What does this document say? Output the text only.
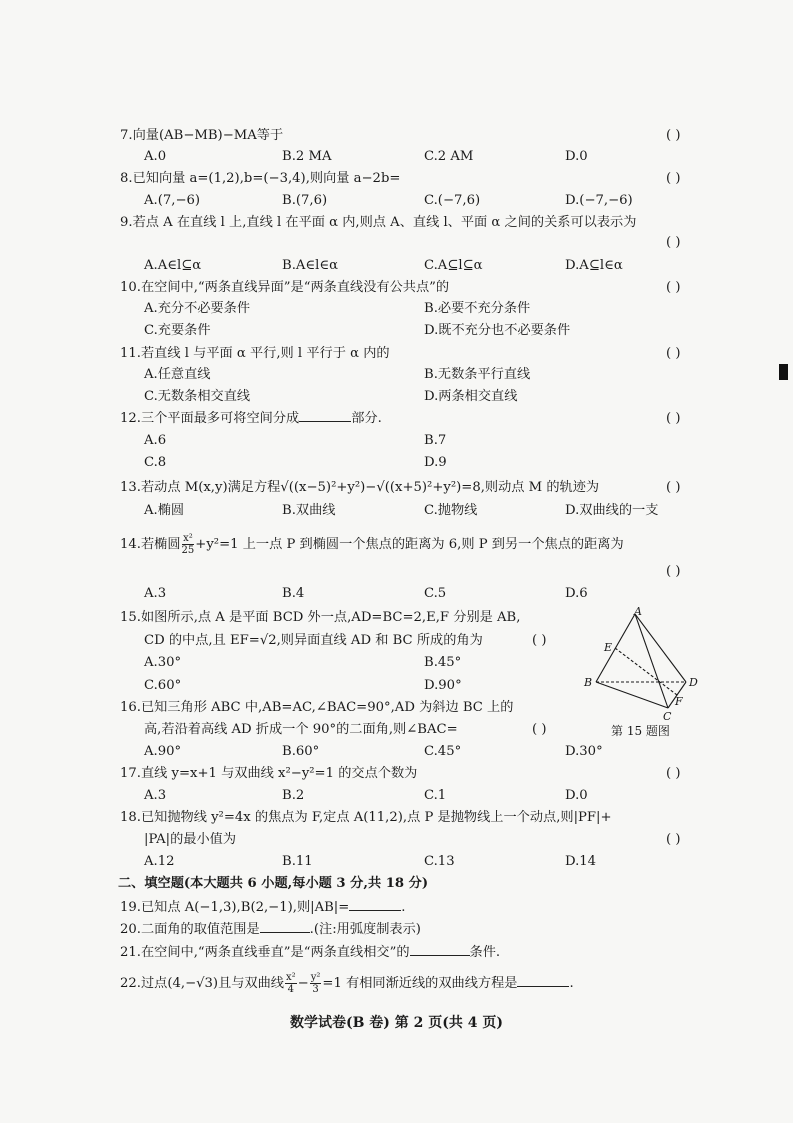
7.向量(AB−MB)−MA等于	( )
A.0	B.2 MA	C.2 AM	D.0
8.已知向量 a=(1,2),b=(−3,4),则向量 a−2b=	( )
A.(7,−6)	B.(7,6)	C.(−7,6)	D.(−7,−6)
9.若点 A 在直线 l 上,直线 l 在平面 α 内,则点 A、直线 l、平面 α 之间的关系可以表示为
( )
A.A∈l⊆α	B.A∈l∈α	C.A⊆l⊆α	D.A⊆l∈α
10.在空间中,“两条直线异面”是“两条直线没有公共点”的	( )
A.充分不必要条件	B.必要不充分条件
C.充要条件	D.既不充分也不必要条件
11.若直线 l 与平面 α 平行,则 l 平行于 α 内的	( )
A.任意直线	B.无数条平行直线
C.无数条相交直线	D.两条相交直线
12.三个平面最多可将空间分成	部分.	( )
A.6	B.7
C.8	D.9
13.若动点 M(x,y)满足方程√((x−5)²+y²)−√((x+5)²+y²)=8,则动点 M 的轨迹为	( )
A.椭圆	B.双曲线	C.抛物线	D.双曲线的一支
14.若椭圆 $\frac{\text{x²}}{25} +y^2=1$ 上一点 P 到椭圆一个焦点的距离为 6,则 P 到另一个焦点的距离为
( )
A.3	B.4	C.5	D.6
15.如图所示,点 A 是平面 BCD 外一点,AD=BC=2,E,F 分别是 AB,
CD 的中点,且 EF=√2,则异面直线 AD 和 BC 所成的角为	( )
A.30°	B.45°
C.60°	D.90°
A
E
B	D
F
C
第 15 题图
16.已知三角形 ABC 中,AB=AC,∠BAC=90°,AD 为斜边 BC 上的
高,若沿着高线 AD 折成一个 90°的二面角,则∠BAC=	( )
A.90°	B.60°	C.45°	D.30°
17.直线 y=x+1 与双曲线 x²−y²=1 的交点个数为	( )
A.3	B.2	C.1	D.0
18.已知抛物线 y²=4x 的焦点为 F,定点 A(11,2),点 P 是抛物线上一个动点,则|PF|+
|PA|的最小值为	( )
A.12	B.11	C.13	D.14
二、填空题(本大题共 6 小题,每小题 3 分,共 18 分)
19.已知点 A(−1,3),B(2,−1),则|AB|=	.
20.二面角的取值范围是	.(注:用弧度制表示)
21.在空间中,“两条直线垂直”是“两条直线相交”的	条件.
22.过点(4,−√3)且与双曲线 $\frac{\text{x²}}{4} - \frac{\text{y²}}{3} =1$ 有相同渐近线的双曲线方程是	.
数学试卷(B 卷) 第 2 页(共 4 页)
